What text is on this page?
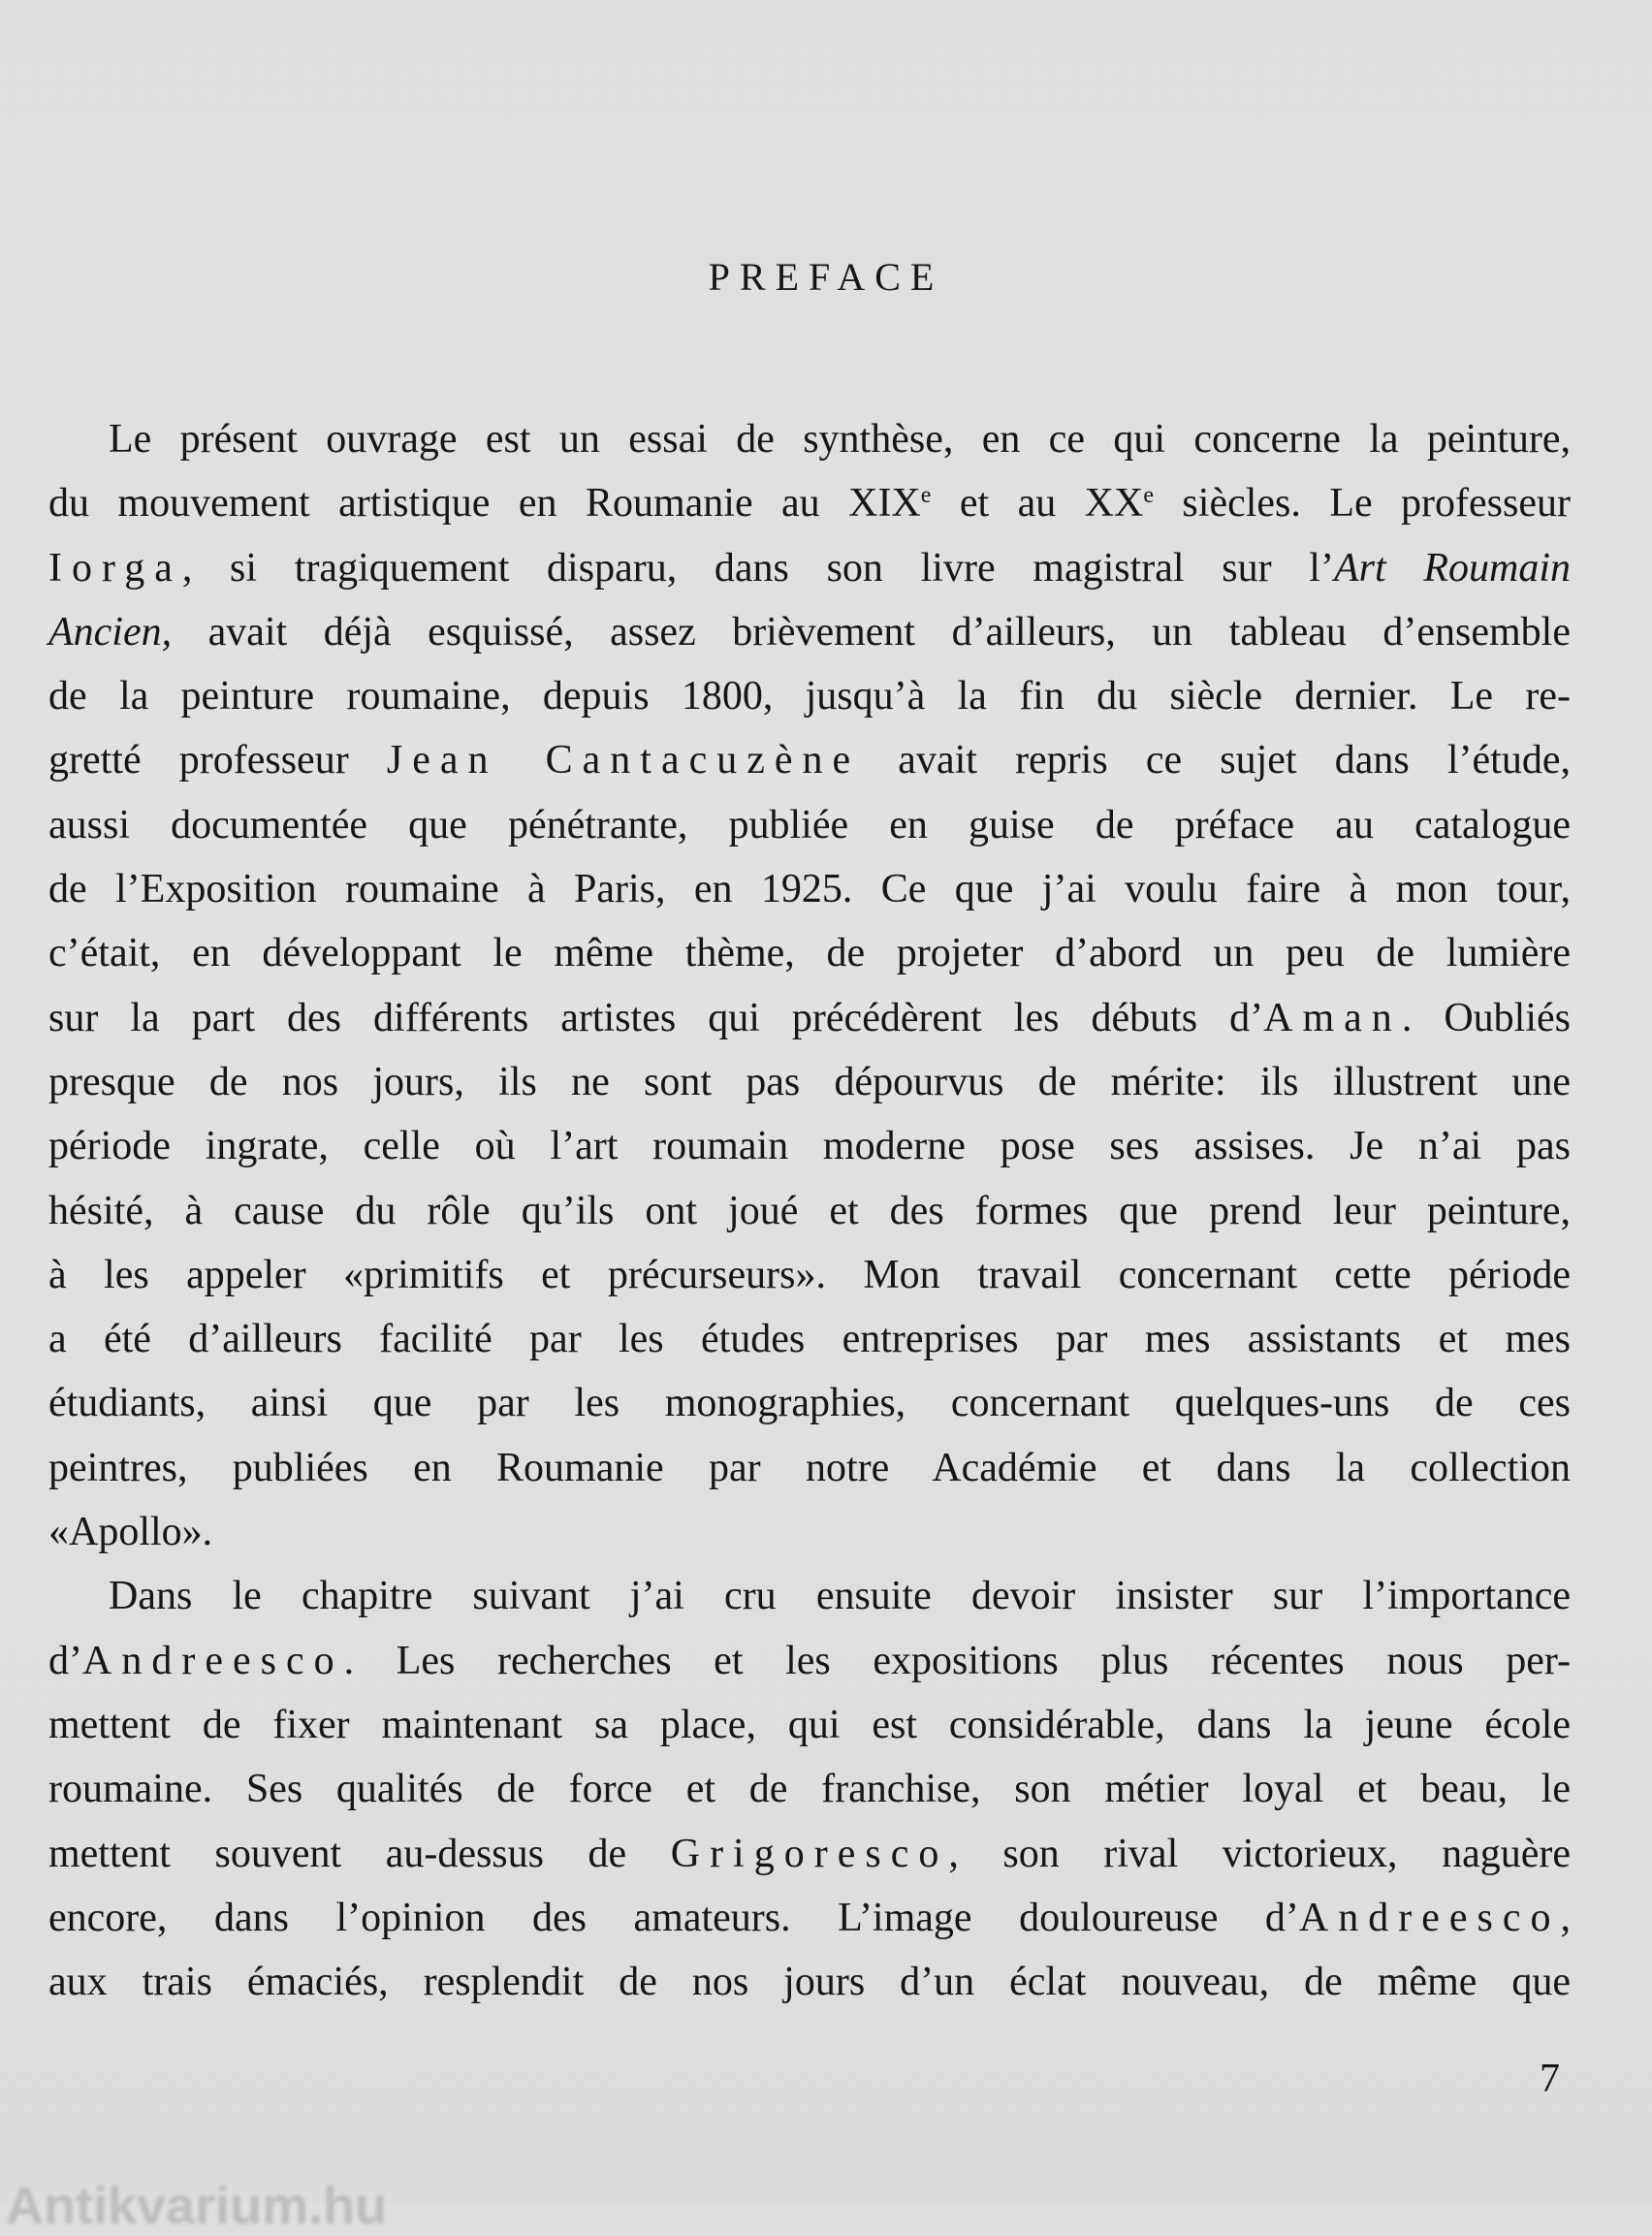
PREFACE
Le présent ouvrage est un essai de synthèse, en ce qui concerne la peinture,
du mouvement artistique en Roumanie au XIXe et au XXe siècles. Le professeur
Iorga, si tragiquement disparu, dans son livre magistral sur l’Art Roumain
Ancien, avait déjà esquissé, assez brièvement d’ailleurs, un tableau d’ensemble
de la peinture roumaine, depuis 1800, jusqu’à la fin du siècle dernier. Le re-
gretté professeur Jean Cantacuzène avait repris ce sujet dans l’étude,
aussi documentée que pénétrante, publiée en guise de préface au catalogue
de l’Exposition roumaine à Paris, en 1925. Ce que j’ai voulu faire à mon tour,
c’était, en développant le même thème, de projeter d’abord un peu de lumière
sur la part des différents artistes qui précédèrent les débuts d’Aman. Oubliés
presque de nos jours, ils ne sont pas dépourvus de mérite: ils illustrent une
période ingrate, celle où l’art roumain moderne pose ses assises. Je n’ai pas
hésité, à cause du rôle qu’ils ont joué et des formes que prend leur peinture,
à les appeler «primitifs et précurseurs». Mon travail concernant cette période
a été d’ailleurs facilité par les études entreprises par mes assistants et mes
étudiants, ainsi que par les monographies, concernant quelques-uns de ces
peintres, publiées en Roumanie par notre Académie et dans la collection
«Apollo».
Dans le chapitre suivant j’ai cru ensuite devoir insister sur l’importance
d’Andreesco. Les recherches et les expositions plus récentes nous per-
mettent de fixer maintenant sa place, qui est considérable, dans la jeune école
roumaine. Ses qualités de force et de franchise, son métier loyal et beau, le
mettent souvent au-dessus de Grigoresco, son rival victorieux, naguère
encore, dans l’opinion des amateurs. L’image douloureuse d’Andreesco,
aux trais émaciés, resplendit de nos jours d’un éclat nouveau, de même que
7
Antikvarium.hu
